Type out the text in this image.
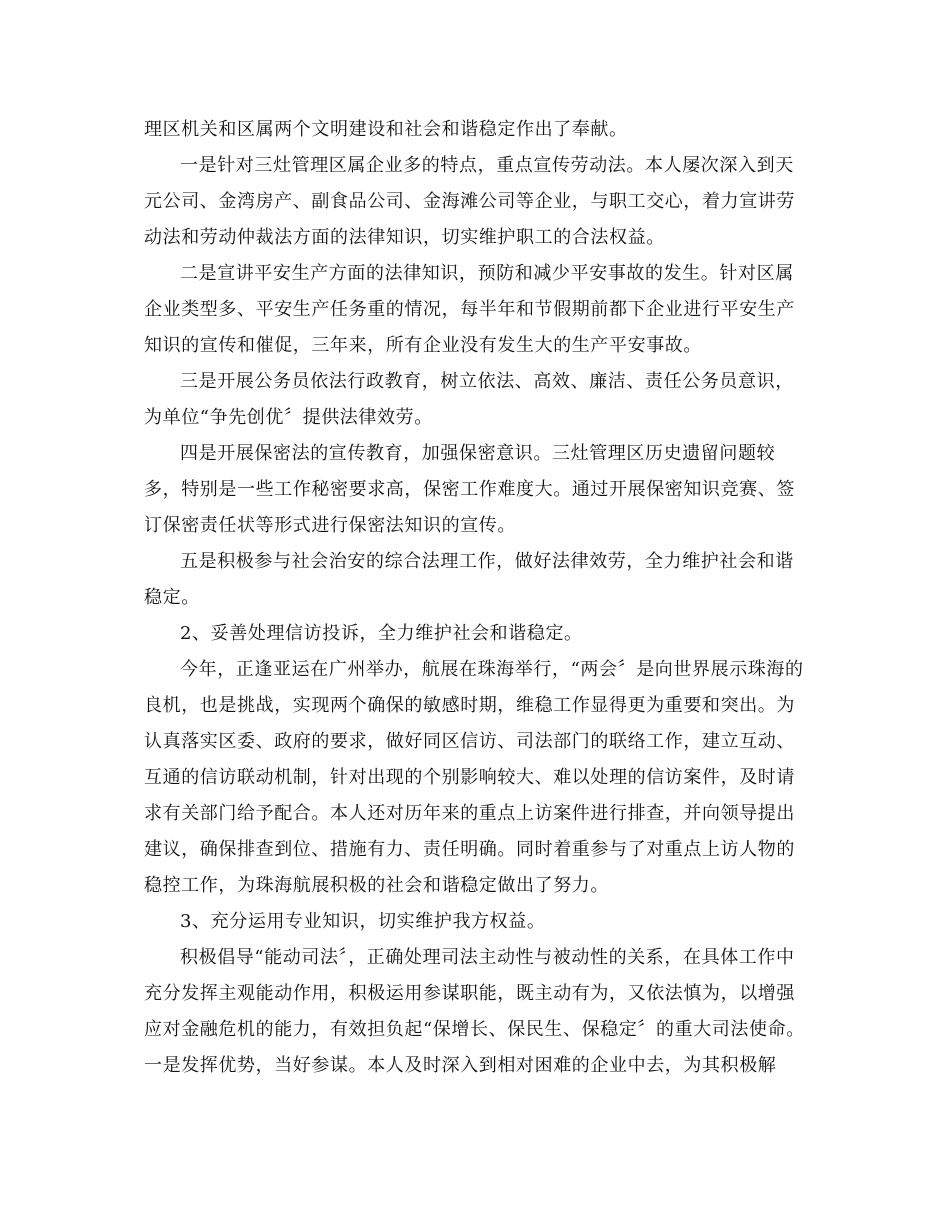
理区机关和区属两个文明建设和社会和谐稳定作出了奉献。
一是针对三灶管理区属企业多的特点，重点宣传劳动法。本人屡次深入到天
元公司、金湾房产、副食品公司、金海滩公司等企业，与职工交心，着力宣讲劳
动法和劳动仲裁法方面的法律知识，切实维护职工的合法权益。
二是宣讲平安生产方面的法律知识，预防和减少平安事故的发生。针对区属
企业类型多、平安生产任务重的情况，每半年和节假期前都下企业进行平安生产
知识的宣传和催促，三年来，所有企业没有发生大的生产平安事故。
三是开展公务员依法行政教育，树立依法、高效、廉洁、责任公务员意识，
为单位“争先创优〞提供法律效劳。
四是开展保密法的宣传教育，加强保密意识。三灶管理区历史遗留问题较
多，特别是一些工作秘密要求高，保密工作难度大。通过开展保密知识竞赛、签
订保密责任状等形式进行保密法知识的宣传。
五是积极参与社会治安的综合法理工作，做好法律效劳，全力维护社会和谐
稳定。
2、妥善处理信访投诉，全力维护社会和谐稳定。
今年，正逢亚运在广州举办，航展在珠海举行，“两会〞是向世界展示珠海的
良机，也是挑战，实现两个确保的敏感时期，维稳工作显得更为重要和突出。为
认真落实区委、政府的要求，做好同区信访、司法部门的联络工作，建立互动、
互通的信访联动机制，针对出现的个别影响较大、难以处理的信访案件，及时请
求有关部门给予配合。本人还对历年来的重点上访案件进行排查，并向领导提出
建议，确保排查到位、措施有力、责任明确。同时着重参与了对重点上访人物的
稳控工作，为珠海航展积极的社会和谐稳定做出了努力。
3、充分运用专业知识，切实维护我方权益。
积极倡导“能动司法〞，正确处理司法主动性与被动性的关系，在具体工作中
充分发挥主观能动作用，积极运用参谋职能，既主动有为，又依法慎为，以增强
应对金融危机的能力，有效担负起“保增长、保民生、保稳定〞的重大司法使命。
一是发挥优势，当好参谋。本人及时深入到相对困难的企业中去，为其积极解
